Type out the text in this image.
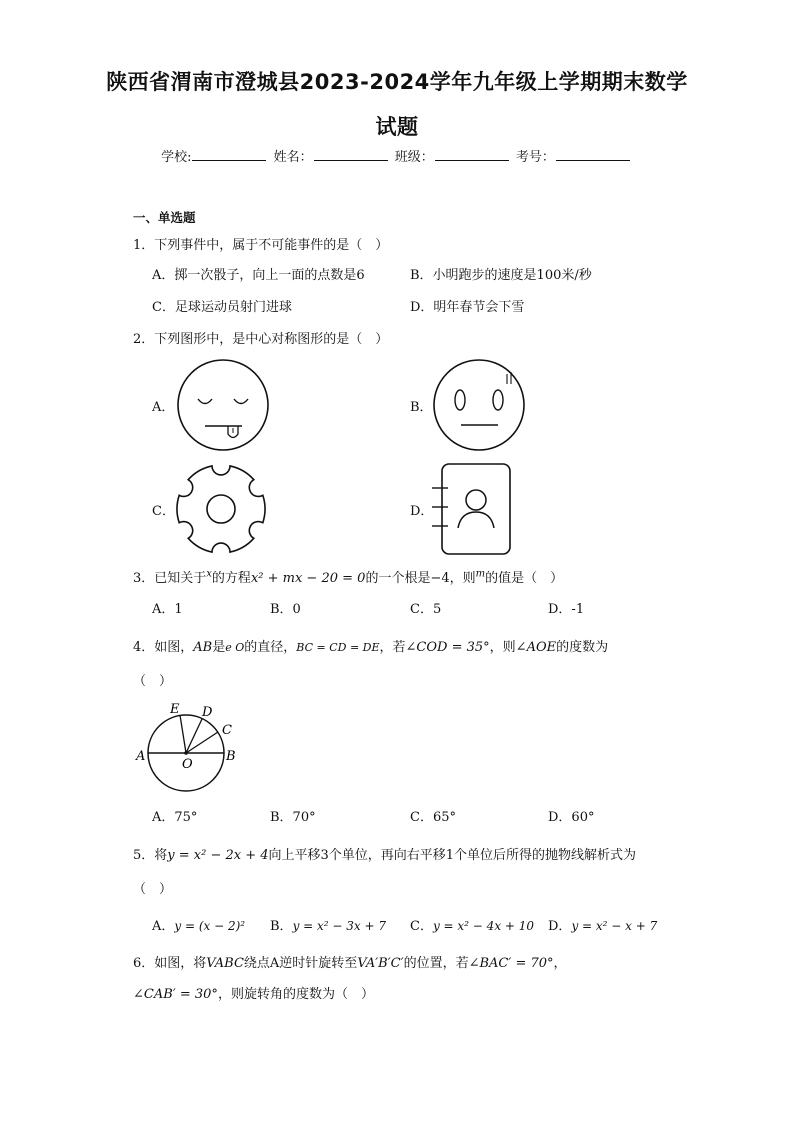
陕西省渭南市澄城县2023-2024学年九年级上学期期末数学
试题
学校:	姓名：	班级：	考号：
一、单选题
1．下列事件中，属于不可能事件的是（　）
A．掷一次骰子，向上一面的点数是6	B．小明跑步的速度是100米/秒
C．足球运动员射门进球	D．明年春节会下雪
2．下列图形中，是中心对称图形的是（　）
A．	B．
C．	D．
3．已知关于$^x$的方程x² + mx − 20 = 0的一个根是−4，则$^m$的值是（　）
A．1	B．0	C．5	D．-1
4．如图，AB是e O的直径，BC = CD = DE，若∠COD = 35°，则∠AOE的度数为
（　）
A	B
C
D
E
O
A．75°	B．70°	C．65°	D．60°
5．将y = x² − 2x + 4向上平移3个单位，再向右平移1个单位后所得的抛物线解析式为
（　）
A．y = (x − 2)² B．y = x² − 3x + 7 C．y = x² − 4x + 10 D．y = x² − x + 7
6．如图，将VABC绕点A逆时针旋转至VA′B′C′的位置，若∠BAC′ = 70°，
∠CAB′ = 30°，则旋转角的度数为（　）
